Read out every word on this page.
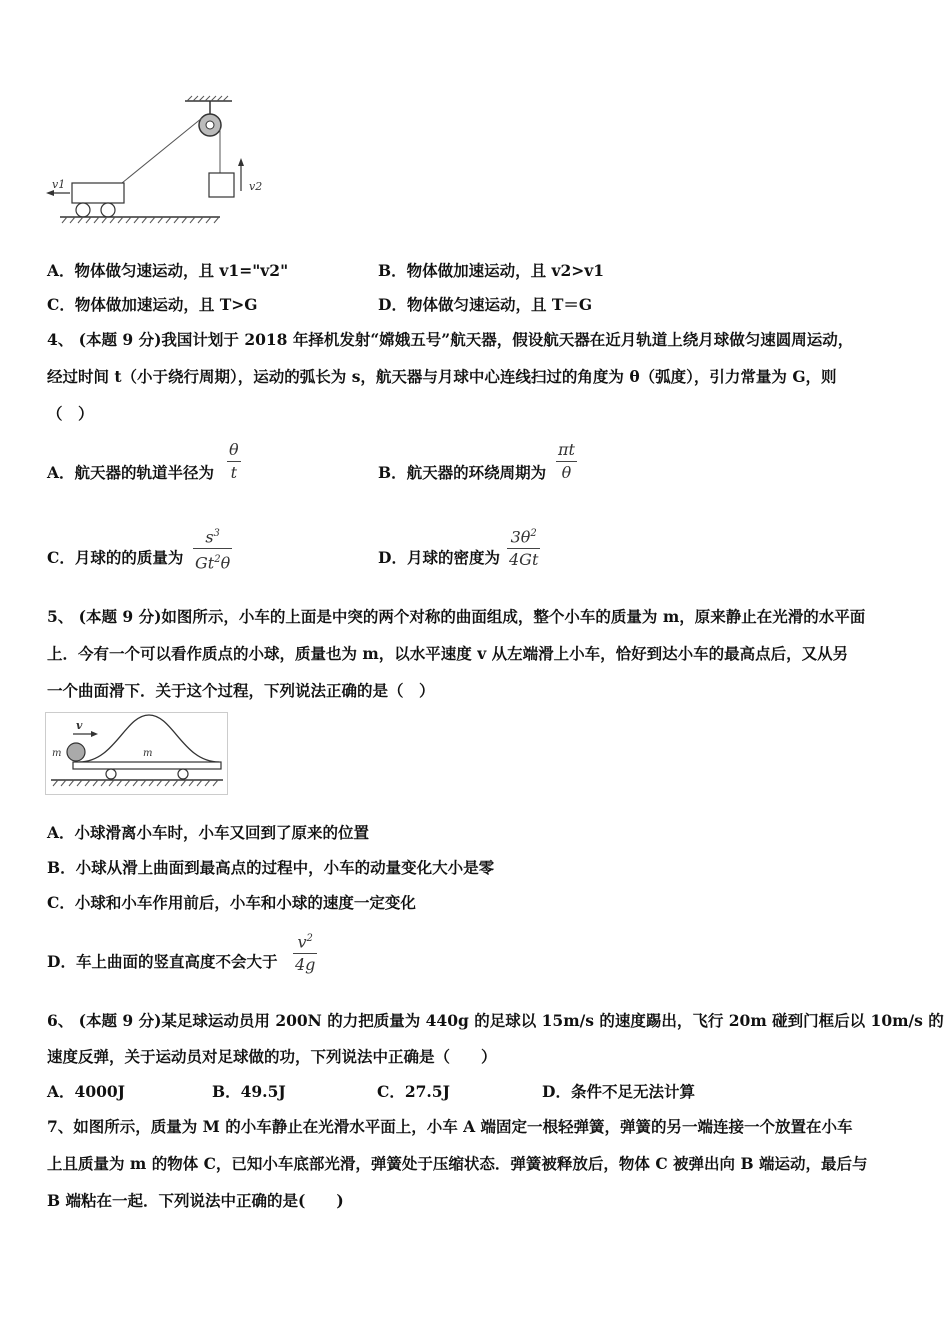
v2
v1
A．物体做匀速运动，且 v1="v2"	B．物体做加速运动，且 v2>v1
C．物体做加速运动，且 T>G	D．物体做匀速运动，且 T＝G
4、 (本题 9 分)我国计划于 2018 年择机发射“嫦娥五号”航天器，假设航天器在近月轨道上绕月球做匀速圆周运动，
经过时间 t（小于绕行周期），运动的弧长为 s，航天器与月球中心连线扫过的角度为 θ（弧度），引力常量为 G，则
（　）
A．航天器的轨道半径为
θ
t	B．航天器的环绕周期为
πt
θ
C．月球的的质量为
$s^3$
Gt$^2$θ	D．月球的密度为
$3\theta^2$
4Gt
5、 (本题 9 分)如图所示，小车的上面是中突的两个对称的曲面组成，整个小车的质量为 m，原来静止在光滑的水平面
上．今有一个可以看作质点的小球，质量也为 m，以水平速度 v 从左端滑上小车，恰好到达小车的最高点后，又从另
一个曲面滑下．关于这个过程，下列说法正确的是（　）
m
m
v
A．小球滑离小车时，小车又回到了原来的位置
B．小球从滑上曲面到最高点的过程中，小车的动量变化大小是零
C．小球和小车作用前后，小车和小球的速度一定变化
D．车上曲面的竖直高度不会大于
$v^2$
4g
6、 (本题 9 分)某足球运动员用 200N 的力把质量为 440g 的足球以 15m/s 的速度踢出，飞行 20m 碰到门框后以 10m/s 的
速度反弹，关于运动员对足球做的功，下列说法中正确是（　　）
A．4000J	B．49.5J	C．27.5J	D．条件不足无法计算
7、如图所示，质量为 M 的小车静止在光滑水平面上，小车 A 端固定一根轻弹簧，弹簧的另一端连接一个放置在小车
上且质量为 m 的物体 C，已知小车底部光滑，弹簧处于压缩状态．弹簧被释放后，物体 C 被弹出向 B 端运动，最后与
B 端粘在一起．下列说法中正确的是(　　)
